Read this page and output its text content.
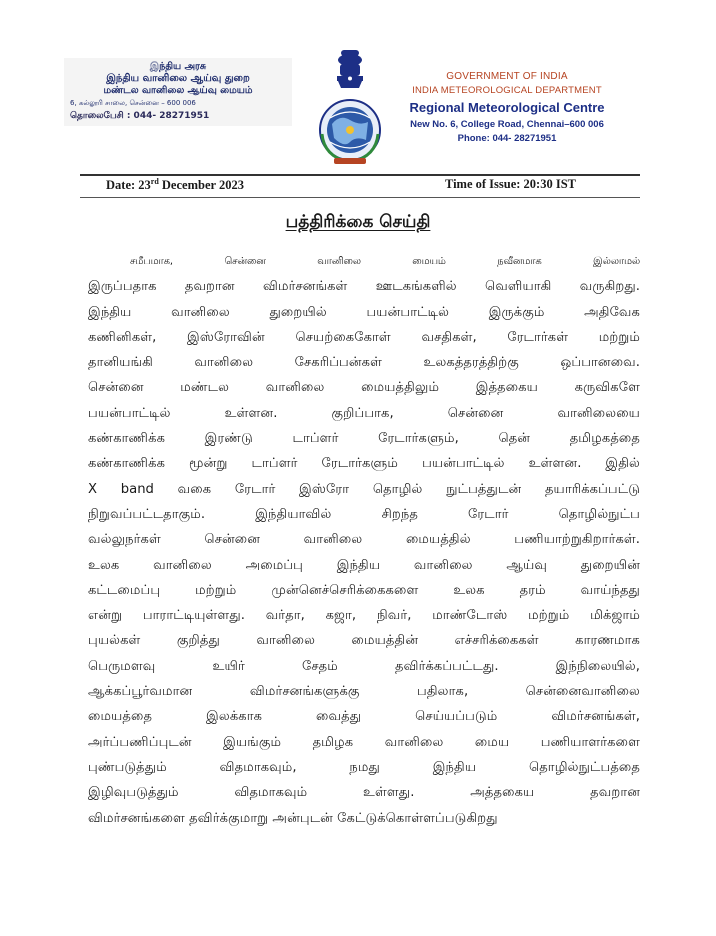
இந்திய அரசு
இந்திய வானிலை ஆய்வு துறை
மண்டல வானிலை ஆய்வு மையம்
6, கல்லூரி சாலை, சென்னை – 600 006
தொலைபேசி : 044- 28271951
GOVERNMENT OF INDIA
INDIA METEOROLOGICAL DEPARTMENT
Regional Meteorological Centre
New No. 6, College Road, Chennai–600 006
Phone: 044- 28271951
Date: 23rd December 2023	Time of Issue: 20:30 IST
பத்திரிக்கை செய்தி
சமீபமாக, சென்னை வானிலை மையம் நவீனமாக இல்லாமல்
இருப்பதாக தவறான விமர்சனங்கள் ஊடகங்களில் வெளியாகி வருகிறது.
இந்திய வானிலை துறையில் பயன்பாட்டில் இருக்கும் அதிவேக
கணினிகள், இஸ்ரோவின் செயற்கைகோள் வசதிகள், ரேடார்கள் மற்றும்
தானியங்கி வானிலை சேகரிப்பன்கள் உலகத்தரத்திற்கு ஒப்பானவை.
சென்னை மண்டல வானிலை மையத்திலும் இத்தகைய கருவிகளே
பயன்பாட்டில் உள்ளன. குறிப்பாக, சென்னை வானிலையை
கண்காணிக்க இரண்டு டாப்ளர் ரேடார்களும், தென் தமிழகத்தை
கண்காணிக்க மூன்று டாப்ளர் ரேடார்களும் பயன்பாட்டில் உள்ளன. இதில்
X band வகை ரேடார் இஸ்ரோ தொழில் நுட்பத்துடன் தயாரிக்கப்பட்டு
நிறுவப்பட்டதாகும். இந்தியாவில் சிறந்த ரேடார் தொழில்நுட்ப
வல்லுநர்கள் சென்னை வானிலை மையத்தில் பணியாற்றுகிறார்கள்.
உலக வானிலை அமைப்பு இந்திய வானிலை ஆய்வு துறையின்
கட்டமைப்பு மற்றும் முன்னெச்செரிக்கைகளை உலக தரம் வாய்ந்தது
என்று பாராட்டியுள்ளது. வர்தா, கஜா, நிவர், மாண்டோஸ் மற்றும் மிக்ஜாம்
புயல்கள் குறித்து வானிலை மையத்தின் எச்சரிக்கைகள் காரணமாக
பெருமளவு உயிர் சேதம் தவிர்க்கப்பட்டது. இந்நிலையில்,
ஆக்கப்பூர்வமான விமர்சனங்களுக்கு பதிலாக, சென்னைவானிலை
மையத்தை இலக்காக வைத்து செய்யப்படும் விமர்சனங்கள்,
அர்ப்பணிப்புடன் இயங்கும் தமிழக வானிலை மைய பணியாளர்களை
புண்படுத்தும் விதமாகவும், நமது இந்திய தொழில்நுட்பத்தை
இழிவுபடுத்தும் விதமாகவும் உள்ளது. அத்தகைய தவறான
விமர்சனங்களை தவிர்க்குமாறு அன்புடன் கேட்டுக்கொள்ளப்படுகிறது
